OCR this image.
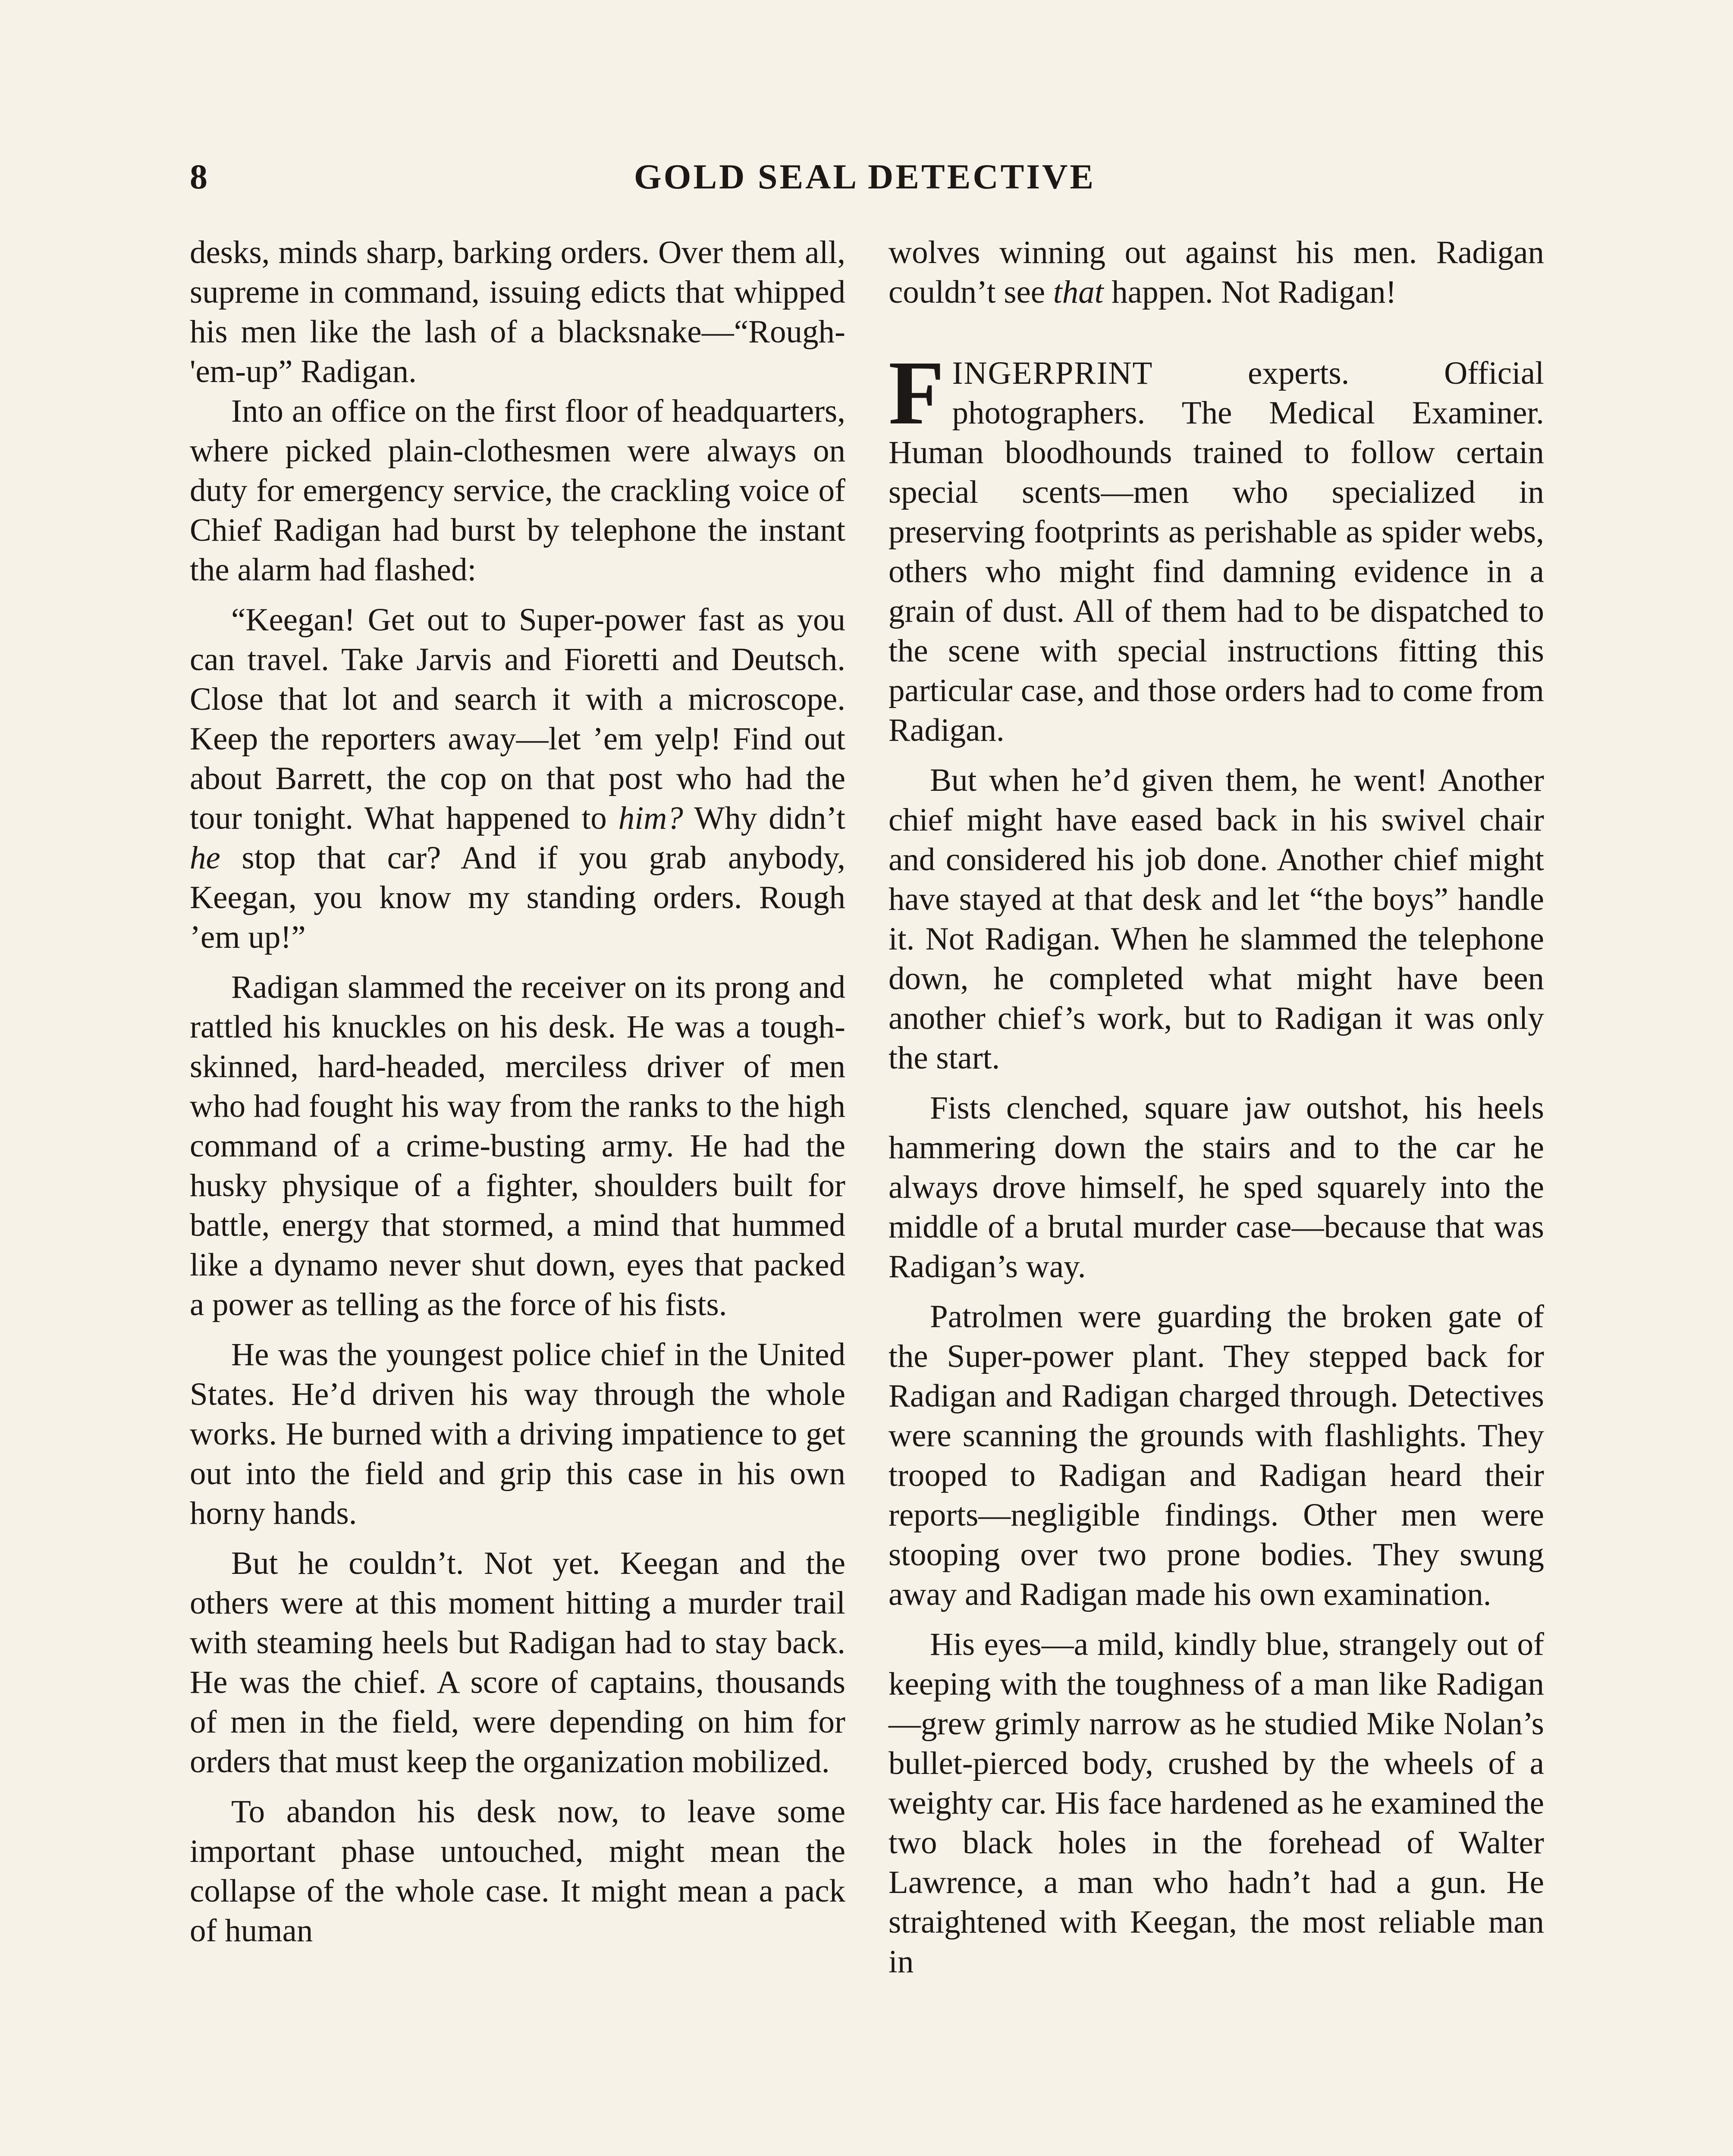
8	GOLD SEAL DETECTIVE

desks, minds sharp, barking orders. Over them all, supreme in command, issuing edicts that whipped his men like the lash of a blacksnake—“Rough-'em-up” Radigan.

Into an office on the first floor of headquarters, where picked plain-clothesmen were always on duty for emergency service, the crackling voice of Chief Radigan had burst by telephone the instant the alarm had flashed:

“Keegan! Get out to Super-power fast as you can travel. Take Jarvis and Fioretti and Deutsch. Close that lot and search it with a microscope. Keep the reporters away—let ’em yelp! Find out about Barrett, the cop on that post who had the tour tonight. What happened to him? Why didn’t he stop that car? And if you grab anybody, Keegan, you know my standing orders. Rough ’em up!”

Radigan slammed the receiver on its prong and rattled his knuckles on his desk. He was a tough-skinned, hard-headed, merciless driver of men who had fought his way from the ranks to the high command of a crime-busting army. He had the husky physique of a fighter, shoulders built for battle, energy that stormed, a mind that hummed like a dynamo never shut down, eyes that packed a power as telling as the force of his fists.

He was the youngest police chief in the United States. He’d driven his way through the whole works. He burned with a driving impatience to get out into the field and grip this case in his own horny hands.

But he couldn’t. Not yet. Keegan and the others were at this moment hitting a murder trail with steaming heels but Radigan had to stay back. He was the chief. A score of captains, thousands of men in the field, were depending on him for orders that must keep the organization mobilized.

To abandon his desk now, to leave some important phase untouched, might mean the collapse of the whole case. It might mean a pack of human

wolves winning out against his men. Radigan couldn’t see that happen. Not Radigan!

FINGERPRINT experts. Official photographers. The Medical Examiner. Human bloodhounds trained to follow certain special scents—men who specialized in preserving footprints as perishable as spider webs, others who might find damning evidence in a grain of dust. All of them had to be dispatched to the scene with special instructions fitting this particular case, and those orders had to come from Radigan.

But when he’d given them, he went! Another chief might have eased back in his swivel chair and considered his job done. Another chief might have stayed at that desk and let “the boys” handle it. Not Radigan. When he slammed the telephone down, he completed what might have been another chief’s work, but to Radigan it was only the start.

Fists clenched, square jaw outshot, his heels hammering down the stairs and to the car he always drove himself, he sped squarely into the middle of a brutal murder case—because that was Radigan’s way.

Patrolmen were guarding the broken gate of the Super-power plant. They stepped back for Radigan and Radigan charged through. Detectives were scanning the grounds with flashlights. They trooped to Radigan and Radigan heard their reports—negligible findings. Other men were stooping over two prone bodies. They swung away and Radigan made his own examination.

His eyes—a mild, kindly blue, strangely out of keeping with the toughness of a man like Radigan—grew grimly narrow as he studied Mike Nolan’s bullet-pierced body, crushed by the wheels of a weighty car. His face hardened as he examined the two black holes in the forehead of Walter Lawrence, a man who hadn’t had a gun. He straightened with Keegan, the most reliable man in
